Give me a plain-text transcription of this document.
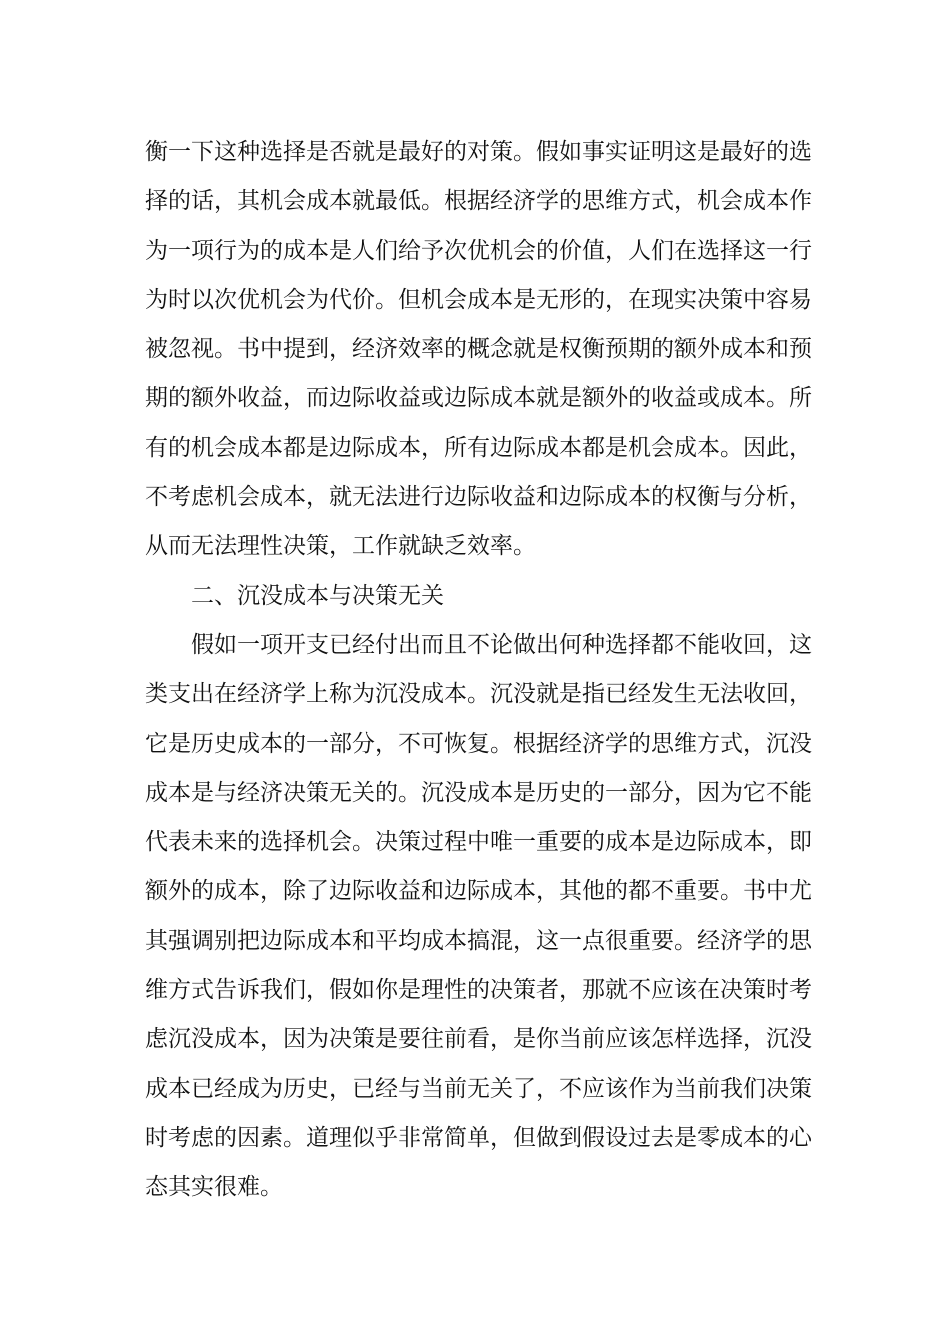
衡一下这种选择是否就是最好的对策。假如事实证明这是最好的选
择的话，其机会成本就最低。根据经济学的思维方式，机会成本作
为一项行为的成本是人们给予次优机会的价值，人们在选择这一行
为时以次优机会为代价。但机会成本是无形的，在现实决策中容易
被忽视。书中提到，经济效率的概念就是权衡预期的额外成本和预
期的额外收益，而边际收益或边际成本就是额外的收益或成本。所
有的机会成本都是边际成本，所有边际成本都是机会成本。因此，
不考虑机会成本，就无法进行边际收益和边际成本的权衡与分析，
从而无法理性决策，工作就缺乏效率。
二、沉没成本与决策无关
假如一项开支已经付出而且不论做出何种选择都不能收回，这
类支出在经济学上称为沉没成本。沉没就是指已经发生无法收回，
它是历史成本的一部分，不可恢复。根据经济学的思维方式，沉没
成本是与经济决策无关的。沉没成本是历史的一部分，因为它不能
代表未来的选择机会。决策过程中唯一重要的成本是边际成本，即
额外的成本，除了边际收益和边际成本，其他的都不重要。书中尤
其强调别把边际成本和平均成本搞混，这一点很重要。经济学的思
维方式告诉我们，假如你是理性的决策者，那就不应该在决策时考
虑沉没成本，因为决策是要往前看，是你当前应该怎样选择，沉没
成本已经成为历史，已经与当前无关了，不应该作为当前我们决策
时考虑的因素。道理似乎非常简单，但做到假设过去是零成本的心
态其实很难。
